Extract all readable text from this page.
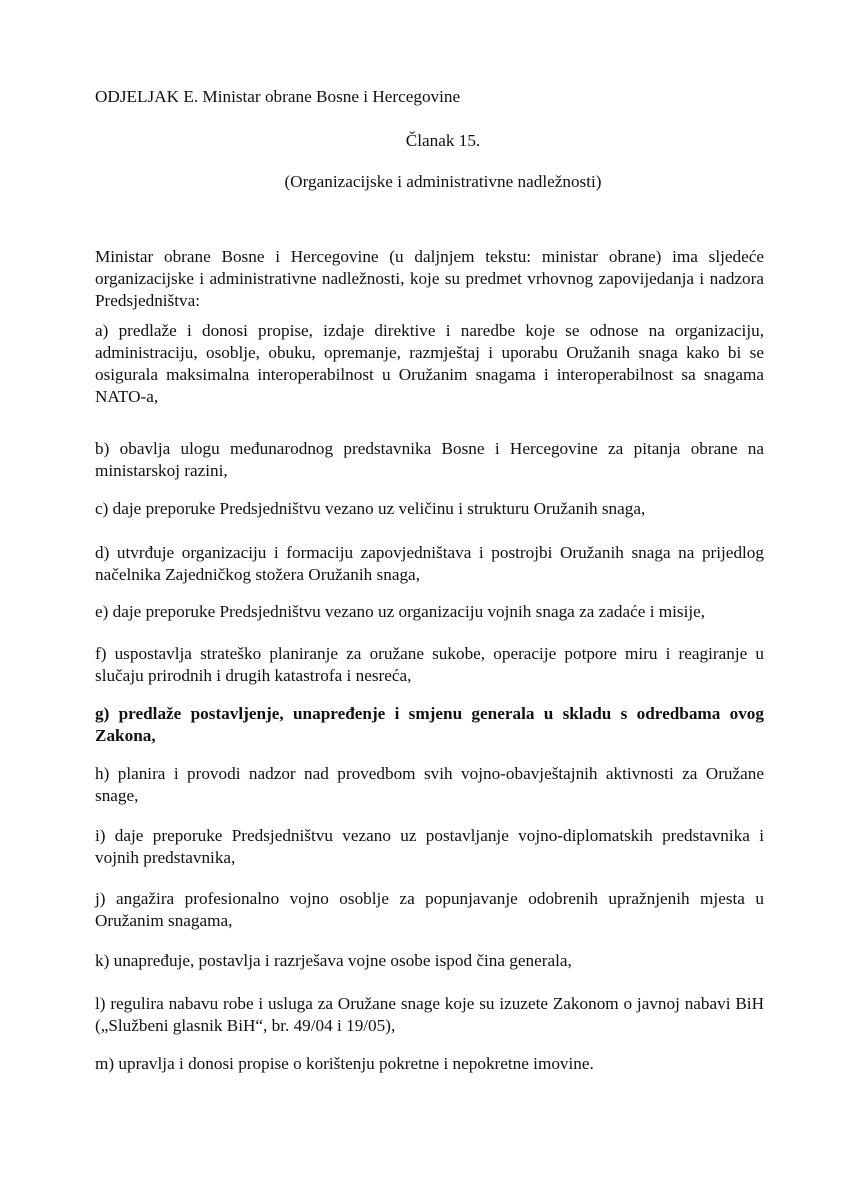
ODJELJAK E. Ministar obrane Bosne i Hercegovine
Članak 15.
(Organizacijske i administrativne nadležnosti)

Ministar obrane Bosne i Hercegovine (u daljnjem tekstu: ministar obrane) ima sljedeće organizacijske i administrativne nadležnosti, koje su predmet vrhovnog zapovijedanja i nadzora Predsjedništva:

a) predlaže i donosi propise, izdaje direktive i naredbe koje se odnose na organizaciju, administraciju, osoblje, obuku, opremanje, razmještaj i uporabu Oružanih snaga kako bi se osigurala maksimalna interoperabilnost u Oružanim snagama i interoperabilnost sa snagama NATO-a,

b) obavlja ulogu međunarodnog predstavnika Bosne i Hercegovine za pitanja obrane na ministarskoj razini,

c) daje preporuke Predsjedništvu vezano uz veličinu i strukturu Oružanih snaga,

d) utvrđuje organizaciju i formaciju zapovjedništava i postrojbi Oružanih snaga na prijedlog načelnika Zajedničkog stožera Oružanih snaga,

e) daje preporuke Predsjedništvu vezano uz organizaciju vojnih snaga za zadaće i misije,

f) uspostavlja strateško planiranje za oružane sukobe, operacije potpore miru i reagiranje u slučaju prirodnih i drugih katastrofa i nesreća,

g) predlaže postavljenje, unapređenje i smjenu generala u skladu s odredbama ovog Zakona,

h) planira i provodi nadzor nad provedbom svih vojno-obavještajnih aktivnosti za Oružane snage,

i) daje preporuke Predsjedništvu vezano uz postavljanje vojno-diplomatskih predstavnika i vojnih predstavnika,

j) angažira profesionalno vojno osoblje za popunjavanje odobrenih upražnjenih mjesta u Oružanim snagama,

k) unapređuje, postavlja i razrješava vojne osobe ispod čina generala,

l) regulira nabavu robe i usluga za Oružane snage koje su izuzete Zakonom o javnoj nabavi BiH („Službeni glasnik BiH“, br. 49/04 i 19/05),

m) upravlja i donosi propise o korištenju pokretne i nepokretne imovine.
